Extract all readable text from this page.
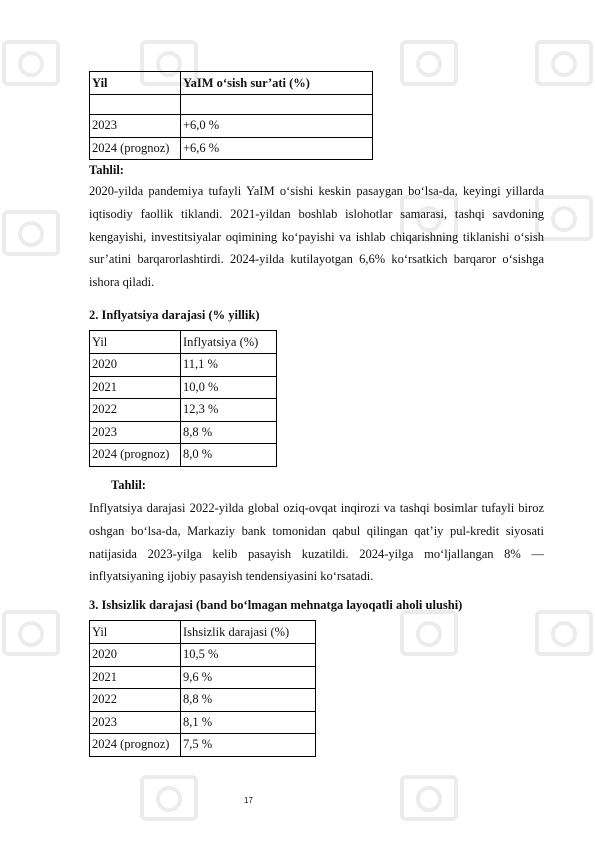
Yil	YaIM o‘sish sur’ati (%)

2023	+6,0 %
2024 (prognoz)	+6,6 %
Tahlil:
2020-yilda pandemiya tufayli YaIM o‘sishi keskin pasaygan bo‘lsa-da, keyingi yillarda iqtisodiy faollik tiklandi. 2021-yildan boshlab islohotlar samarasi, tashqi savdoning kengayishi, investitsiyalar oqimining ko‘payishi va ishlab chiqarishning tiklanishi o‘sish sur’atini barqarorlashtirdi. 2024-yilda kutilayotgan 6,6% ko‘rsatkich barqaror o‘sishga ishora qiladi.
2. Inflyatsiya darajasi (% yillik)
Yil	Inflyatsiya (%)
2020	11,1 %
2021	10,0 %
2022	12,3 %
2023	8,8 %
2024 (prognoz)	8,0 %
Tahlil:
Inflyatsiya darajasi 2022-yilda global oziq-ovqat inqirozi va tashqi bosimlar tufayli biroz oshgan bo‘lsa-da, Markaziy bank tomonidan qabul qilingan qat’iy pul-kredit siyosati natijasida 2023-yilga kelib pasayish kuzatildi. 2024-yilga mo‘ljallangan 8% — inflyatsiyaning ijobiy pasayish tendensiyasini ko‘rsatadi.
3. Ishsizlik darajasi (band bo‘lmagan mehnatga layoqatli aholi ulushi)
Yil	Ishsizlik darajasi (%)
2020	10,5 %
2021	9,6 %
2022	8,8 %
2023	8,1 %
2024 (prognoz)	7,5 %
17
